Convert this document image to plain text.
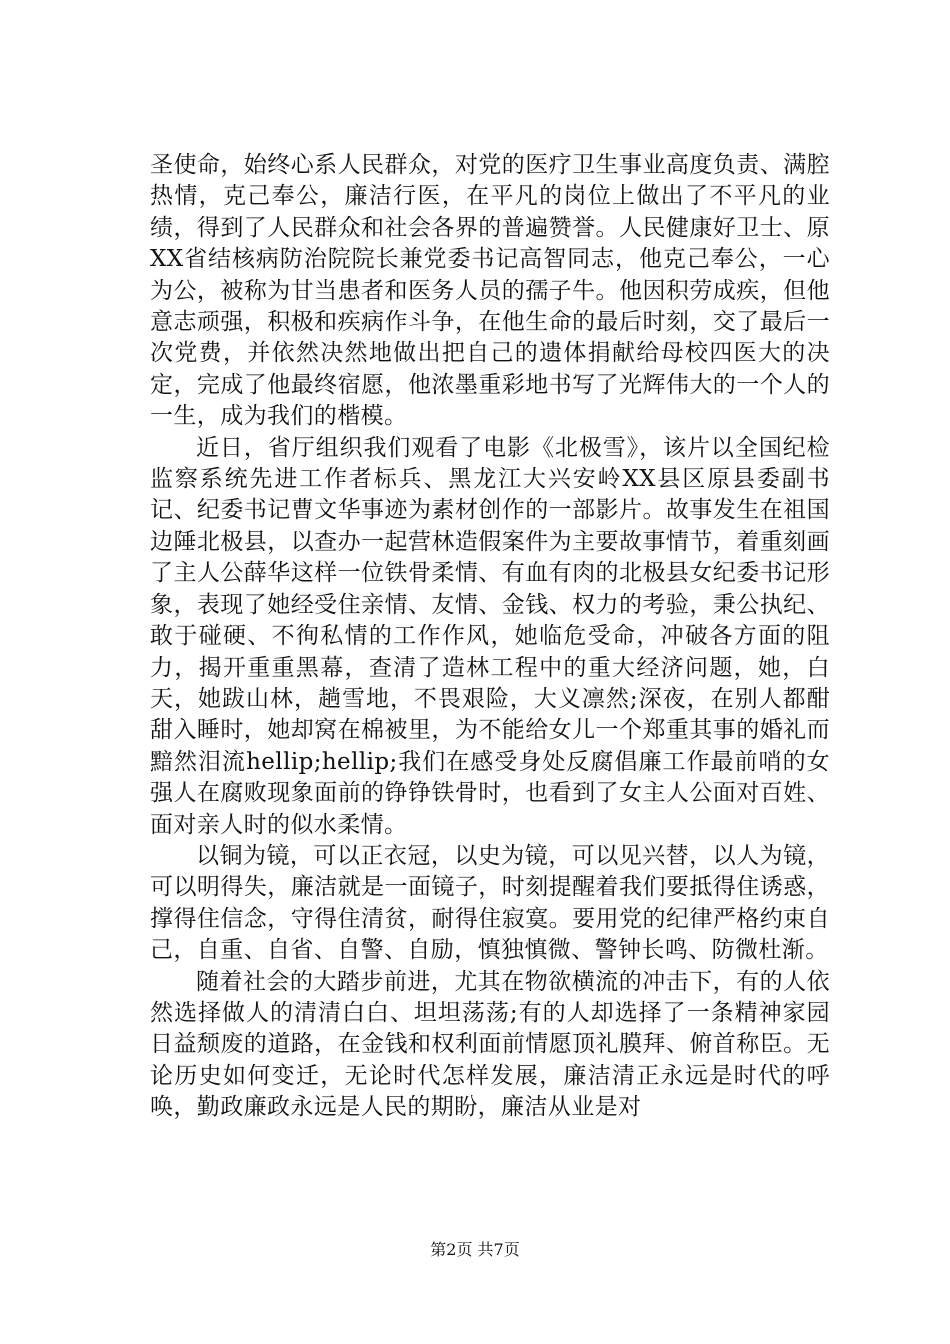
圣使命，始终心系人民群众，对党的医疗卫生事业高度负责、满腔热情，克己奉公，廉洁行医，在平凡的岗位上做出了不平凡的业绩，得到了人民群众和社会各界的普遍赞誉。人民健康好卫士、原XX省结核病防治院院长兼党委书记高智同志，他克己奉公，一心为公，被称为甘当患者和医务人员的孺子牛。他因积劳成疾，但他意志顽强，积极和疾病作斗争，在他生命的最后时刻，交了最后一次党费，并依然决然地做出把自己的遗体捐献给母校四医大的决定，完成了他最终宿愿，他浓墨重彩地书写了光辉伟大的一个人的一生，成为我们的楷模。

近日，省厅组织我们观看了电影《北极雪》，该片以全国纪检监察系统先进工作者标兵、黑龙江大兴安岭XX县区原县委副书记、纪委书记曹文华事迹为素材创作的一部影片。故事发生在祖国边陲北极县，以查办一起营林造假案件为主要故事情节，着重刻画了主人公薛华这样一位铁骨柔情、有血有肉的北极县女纪委书记形象，表现了她经受住亲情、友情、金钱、权力的考验，秉公执纪、敢于碰硬、不徇私情的工作作风，她临危受命，冲破各方面的阻力，揭开重重黑幕，查清了造林工程中的重大经济问题，她，白天，她跋山林，趟雪地，不畏艰险，大义凛然;深夜，在别人都酣甜入睡时，她却窝在棉被里，为不能给女儿一个郑重其事的婚礼而黯然泪流hellip;hellip;我们在感受身处反腐倡廉工作最前哨的女强人在腐败现象面前的铮铮铁骨时，也看到了女主人公面对百姓、面对亲人时的似水柔情。

以铜为镜，可以正衣冠，以史为镜，可以见兴替，以人为镜，可以明得失，廉洁就是一面镜子，时刻提醒着我们要抵得住诱惑，撑得住信念，守得住清贫，耐得住寂寞。要用党的纪律严格约束自己，自重、自省、自警、自励，慎独慎微、警钟长鸣、防微杜渐。

随着社会的大踏步前进，尤其在物欲横流的冲击下，有的人依然选择做人的清清白白、坦坦荡荡;有的人却选择了一条精神家园日益颓废的道路，在金钱和权利面前情愿顶礼膜拜、俯首称臣。无论历史如何变迁，无论时代怎样发展，廉洁清正永远是时代的呼唤，勤政廉政永远是人民的期盼，廉洁从业是对

第2页 共7页
